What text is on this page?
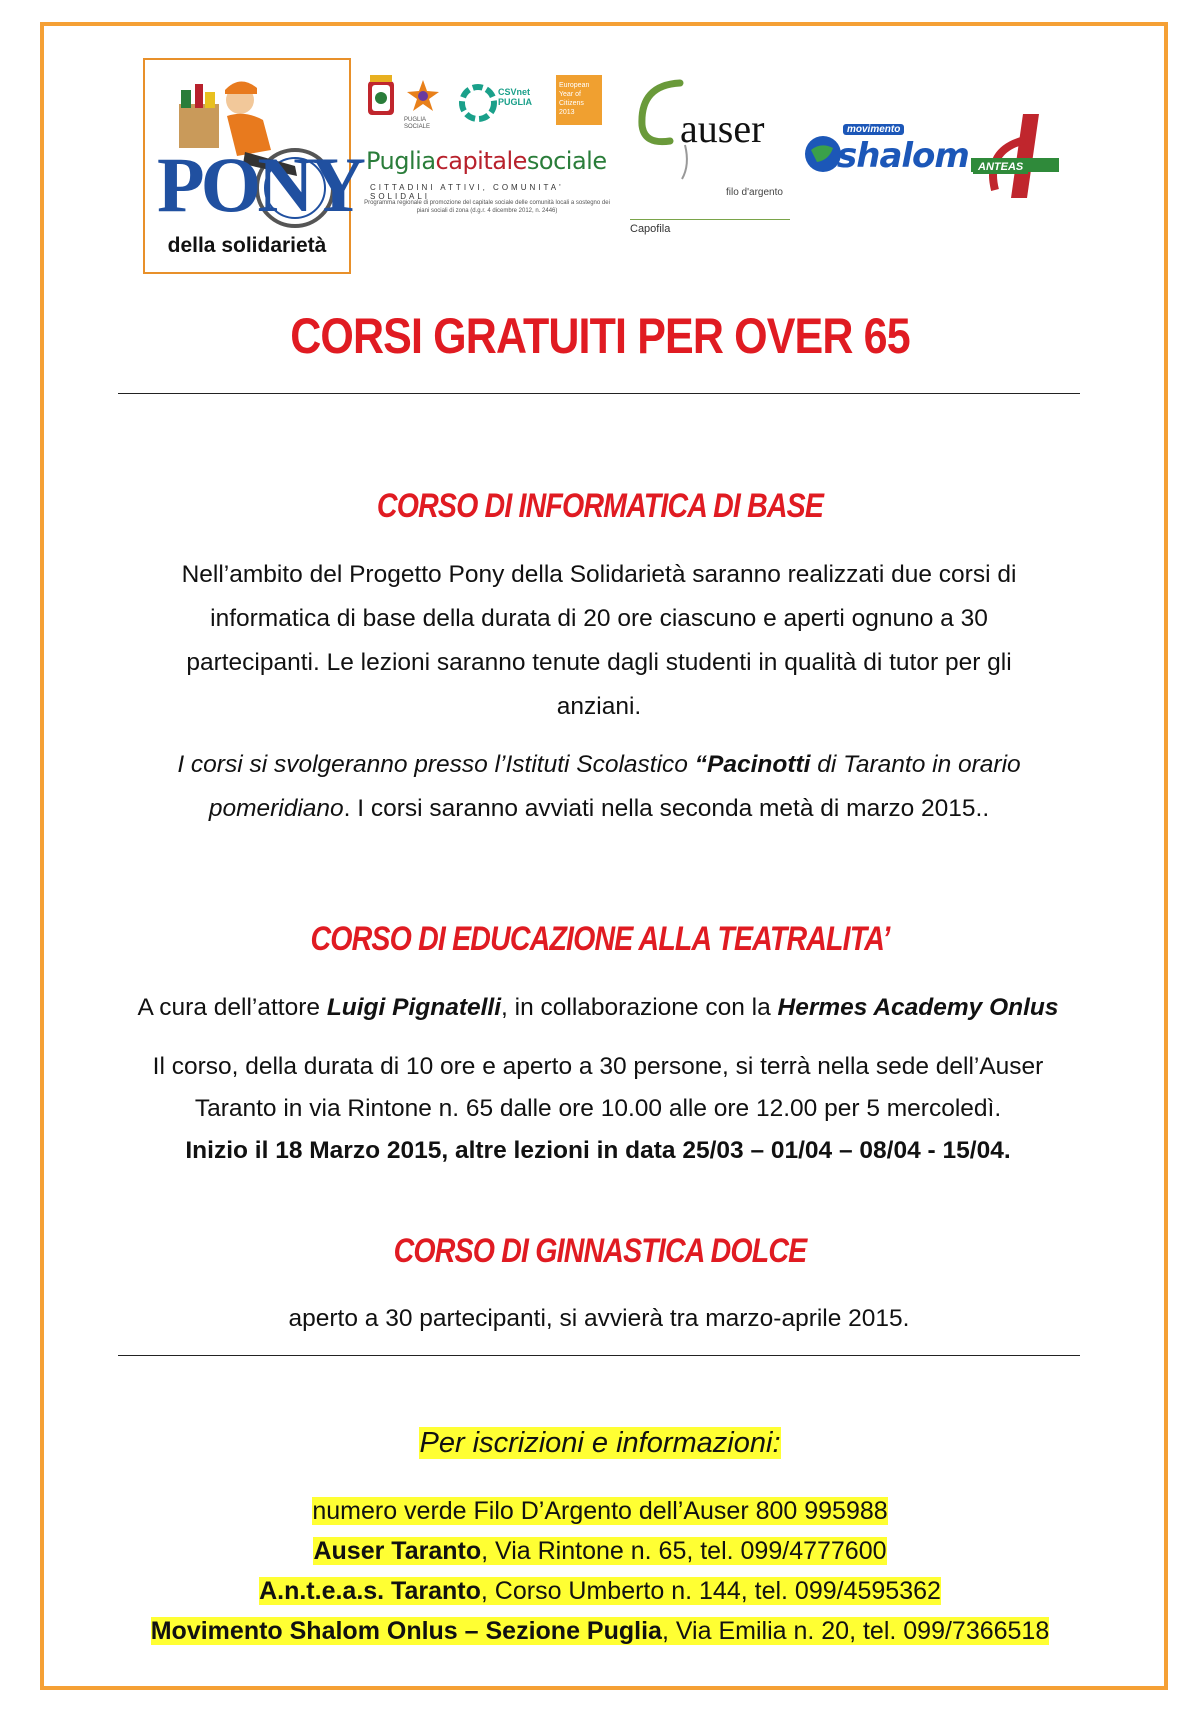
PONY
della solidarietà
PUGLIA SOCIALE
CSVnet PUGLIA
European Year of Citizens 2013
Pugliacapitalesociale
CITTADINI ATTIVI, COMUNITA' SOLIDALI
Programma regionale di promozione del capitale sociale delle comunità locali a sostegno dei piani sociali di zona (d.g.r. 4 dicembre 2012, n. 2446)
auser
filo d'argento
Capofila
movimento
shalom ANTEAS
CORSI GRATUITI PER OVER 65
CORSO DI INFORMATICA DI BASE
Nell’ambito del Progetto Pony della Solidarietà saranno realizzati due corsi di
informatica di base della durata di 20 ore ciascuno e aperti ognuno a 30
partecipanti. Le lezioni saranno tenute dagli studenti in qualità di tutor per gli
anziani.
I corsi si svolgeranno presso l’Istituti Scolastico “Pacinotti di Taranto in orario
pomeridiano. I corsi saranno avviati nella seconda metà di marzo 2015..
CORSO DI EDUCAZIONE ALLA TEATRALITA’
A cura dell’attore Luigi Pignatelli, in collaborazione con la Hermes Academy Onlus
Il corso, della durata di 10 ore e aperto a 30 persone, si terrà nella sede dell’Auser
Taranto in via Rintone n. 65 dalle ore 10.00 alle ore 12.00 per 5 mercoledì.
Inizio il 18 Marzo 2015, altre lezioni in data 25/03 – 01/04 – 08/04 - 15/04.
CORSO DI GINNASTICA DOLCE
aperto a 30 partecipanti, si avvierà tra marzo-aprile 2015.
Per iscrizioni e informazioni:
numero verde Filo D’Argento dell’Auser 800 995988
Auser Taranto, Via Rintone n. 65, tel. 099/4777600
A.n.t.e.a.s. Taranto, Corso Umberto n. 144, tel. 099/4595362
Movimento Shalom Onlus – Sezione Puglia, Via Emilia n. 20, tel. 099/7366518
